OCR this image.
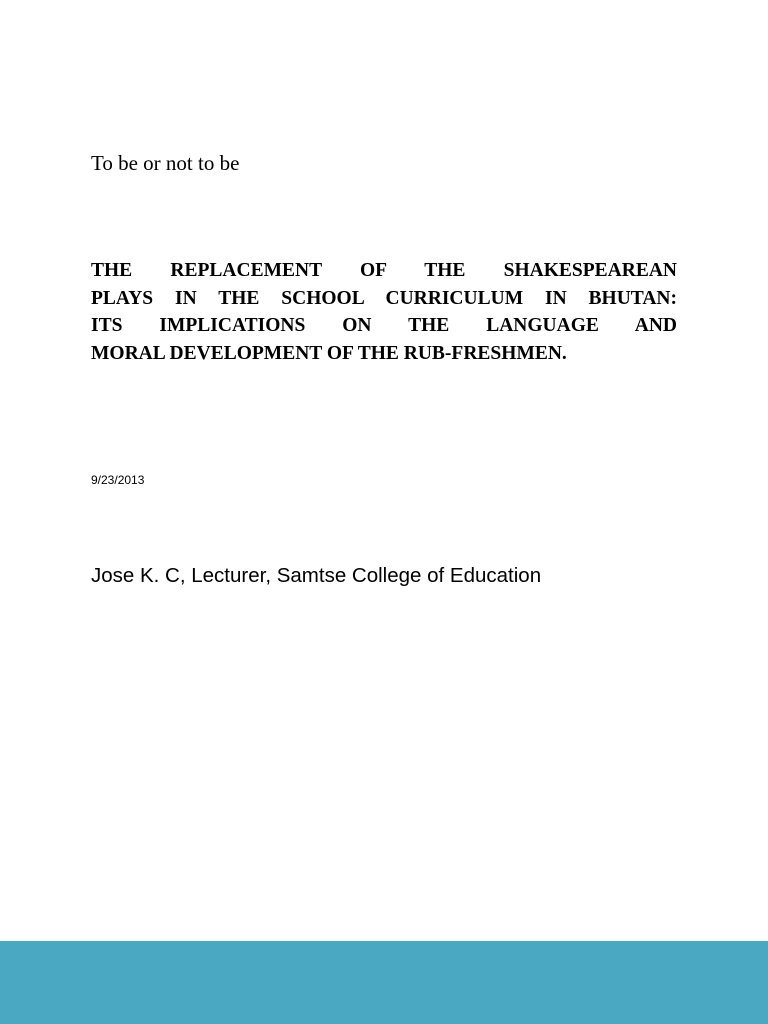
To be or not to be
THE REPLACEMENT OF THE SHAKESPEAREAN
PLAYS IN THE SCHOOL CURRICULUM IN BHUTAN:
ITS IMPLICATIONS ON THE LANGUAGE AND
MORAL DEVELOPMENT OF THE RUB-FRESHMEN.
9/23/2013
Jose K. C, Lecturer, Samtse College of Education
